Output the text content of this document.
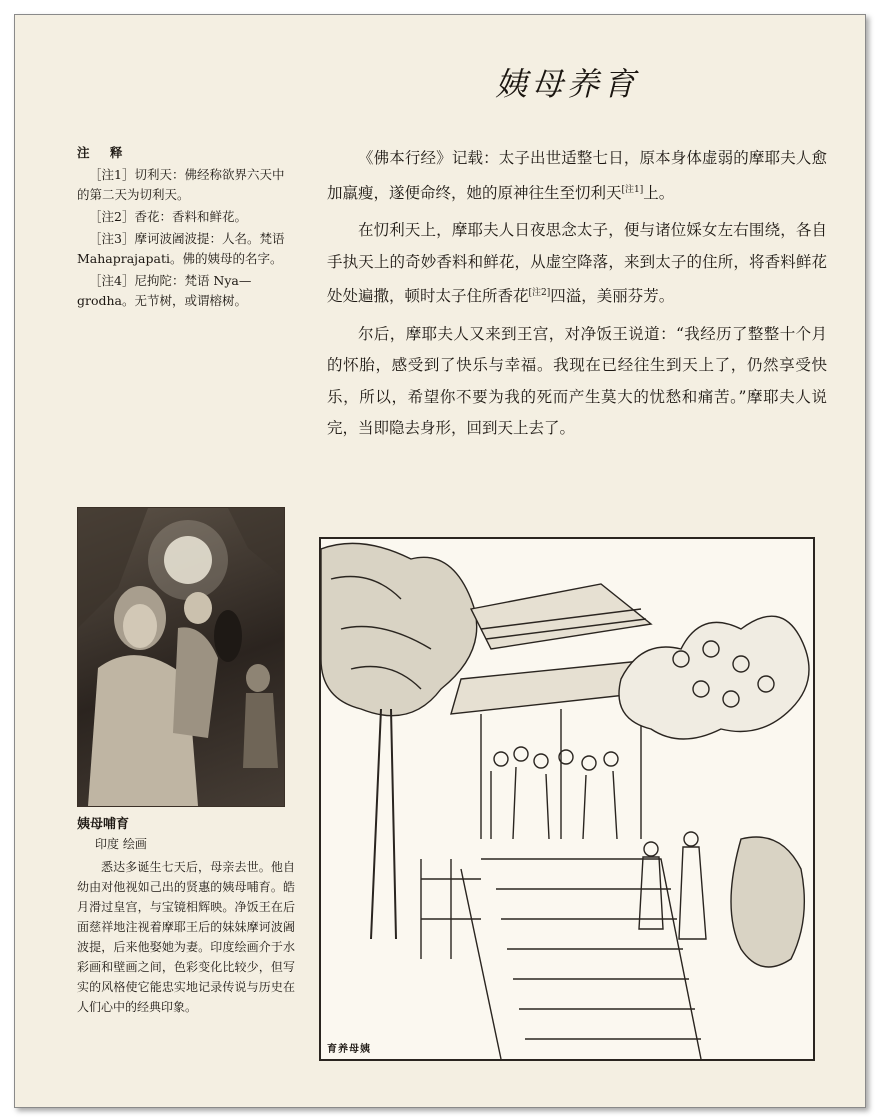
姨母养育
注 释

［注1］切利天：佛经称欲界六天中的第二天为切利天。

［注2］香花：香料和鲜花。

［注3］摩诃波阇波提：人名。梵语 Mahaprajapati。佛的姨母的名字。

［注4］尼拘陀：梵语 Nya—grodha。无节树，或谓榕树。

《佛本行经》记载：太子出世适整七日，原本身体虚弱的摩耶夫人愈加羸瘦，遂便命终，她的原神往生至忉利天[注1]上。

在忉利天上，摩耶夫人日夜思念太子，便与诸位婇女左右围绕，各自手执天上的奇妙香料和鲜花，从虚空降落，来到太子的住所，将香料鲜花处处遍撒，顿时太子住所香花[注2]四溢，美丽芬芳。

尔后，摩耶夫人又来到王宫，对净饭王说道：“我经历了整整十个月的怀胎，感受到了快乐与幸福。我现在已经往生到天上了，仍然享受快乐，所以，希望你不要为我的死而产生莫大的忧愁和痛苦。”摩耶夫人说完，当即隐去身形，回到天上去了。

姨母哺育
印度 绘画

悉达多诞生七天后，母亲去世。他自幼由对他视如己出的贤惠的姨母哺育。皓月滑过皇宫，与宝镜相辉映。净饭王在后面慈祥地注视着摩耶王后的妹妹摩诃波阇波提，后来他娶她为妻。印度绘画介于水彩画和壁画之间，色彩变化比较少，但写实的风格使它能忠实地记录传说与历史在人们心中的经典印象。

育养母姨
